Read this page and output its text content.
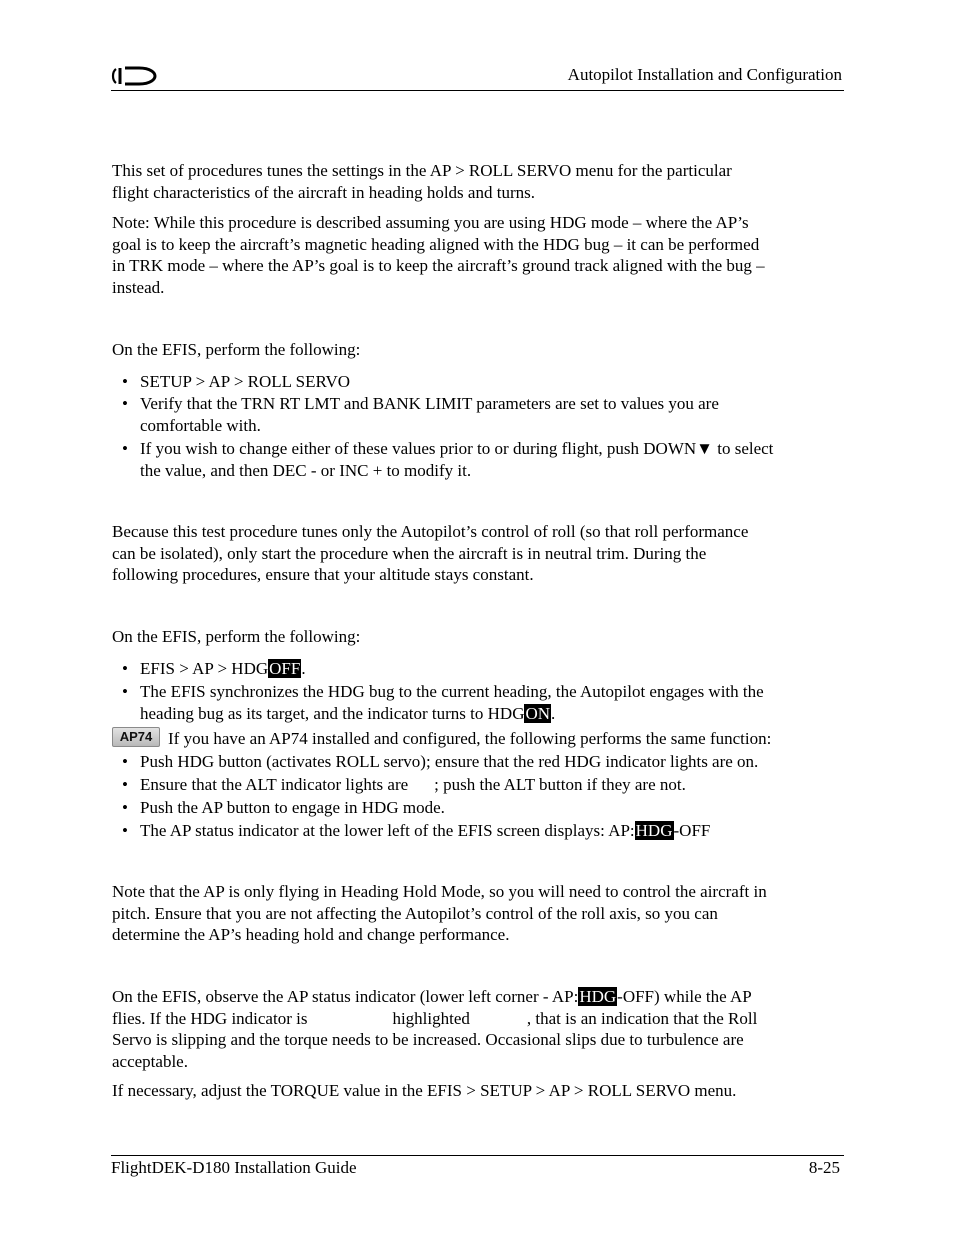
Autopilot Installation and Configuration
This set of procedures tunes the settings in the AP > ROLL SERVO menu for the particular
flight characteristics of the aircraft in heading holds and turns.
Note: While this procedure is described assuming you are using HDG mode – where the AP’s
goal is to keep the aircraft’s magnetic heading aligned with the HDG bug – it can be performed
in TRK mode – where the AP’s goal is to keep the aircraft’s ground track aligned with the bug –
instead.
On the EFIS, perform the following:
• SETUP > AP > ROLL SERVO
• Verify that the TRN RT LMT and BANK LIMIT parameters are set to values you are
comfortable with.
• If you wish to change either of these values prior to or during flight, push DOWN▼ to select
the value, and then DEC - or INC + to modify it.
Because this test procedure tunes only the Autopilot’s control of roll (so that roll performance
can be isolated), only start the procedure when the aircraft is in neutral trim. During the
following procedures, ensure that your altitude stays constant.
On the EFIS, perform the following:
• EFIS > AP > HDGOFF.
• The EFIS synchronizes the HDG bug to the current heading, the Autopilot engages with the
heading bug as its target, and the indicator turns to HDGON.
AP74 If you have an AP74 installed and configured, the following performs the same function:
• Push HDG button (activates ROLL servo); ensure that the red HDG indicator lights are on.
• Ensure that the ALT indicator lights are ; push the ALT button if they are not.
• Push the AP button to engage in HDG mode.
• The AP status indicator at the lower left of the EFIS screen displays: AP:HDG-OFF
Note that the AP is only flying in Heading Hold Mode, so you will need to control the aircraft in
pitch. Ensure that you are not affecting the Autopilot’s control of the roll axis, so you can
determine the AP’s heading hold and change performance.
On the EFIS, observe the AP status indicator (lower left corner - AP:HDG-OFF) while the AP
flies. If the HDG indicator is	highlighted	, that is an indication that the Roll
Servo is slipping and the torque needs to be increased. Occasional slips due to turbulence are
acceptable.
If necessary, adjust the TORQUE value in the EFIS > SETUP > AP > ROLL SERVO menu.
FlightDEK-D180 Installation Guide	8-25
